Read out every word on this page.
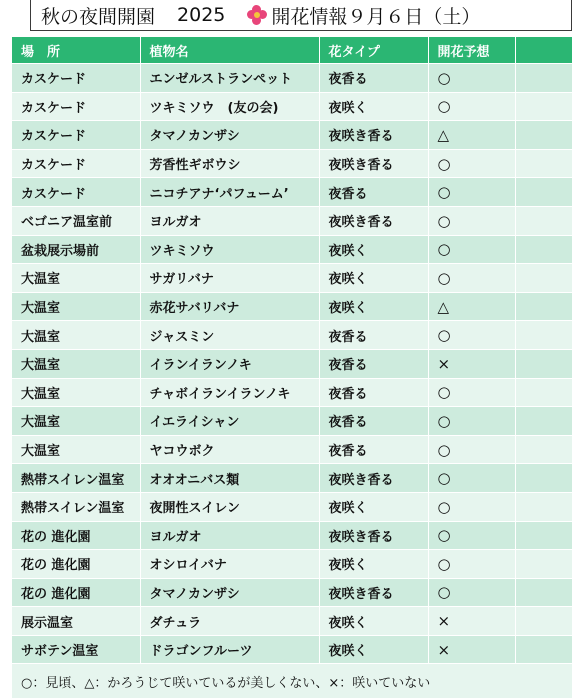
秋の夜間開園 2025 開花情報９月６日（土）
場　所	植物名	花タイプ	開花予想	
カスケード	エンゼルストランペット	夜香る	○	
カスケード	ツキミソウ　(友の会)	夜咲く	○	
カスケード	タマノカンザシ	夜咲き香る	△	
カスケード	芳香性ギボウシ	夜咲き香る	○	
カスケード	ニコチアナ‘パフューム’	夜香る	○	
ベゴニア温室前	ヨルガオ	夜咲き香る	○	
盆栽展示場前	ツキミソウ	夜咲く	○	
大温室	サガリバナ	夜咲く	○	
大温室	赤花サバリバナ	夜咲く	△	
大温室	ジャスミン	夜香る	○	
大温室	イランイランノキ	夜香る	×	
大温室	チャボイランイランノキ	夜香る	○	
大温室	イエライシャン	夜香る	○	
大温室	ヤコウボク	夜香る	○	
熱帯スイレン温室	オオオニバス類	夜咲き香る	○	
熱帯スイレン温室	夜開性スイレン	夜咲く	○	
花の 進化園	ヨルガオ	夜咲き香る	○	
花の 進化園	オシロイバナ	夜咲く	○	
花の 進化園	タマノカンザシ	夜咲き香る	○	
展示温室	ダチュラ	夜咲く	×	
サボテン温室	ドラゴンフルーツ	夜咲く	×	
○：見頃、△：かろうじて咲いているが美しくない、×：咲いていない				
